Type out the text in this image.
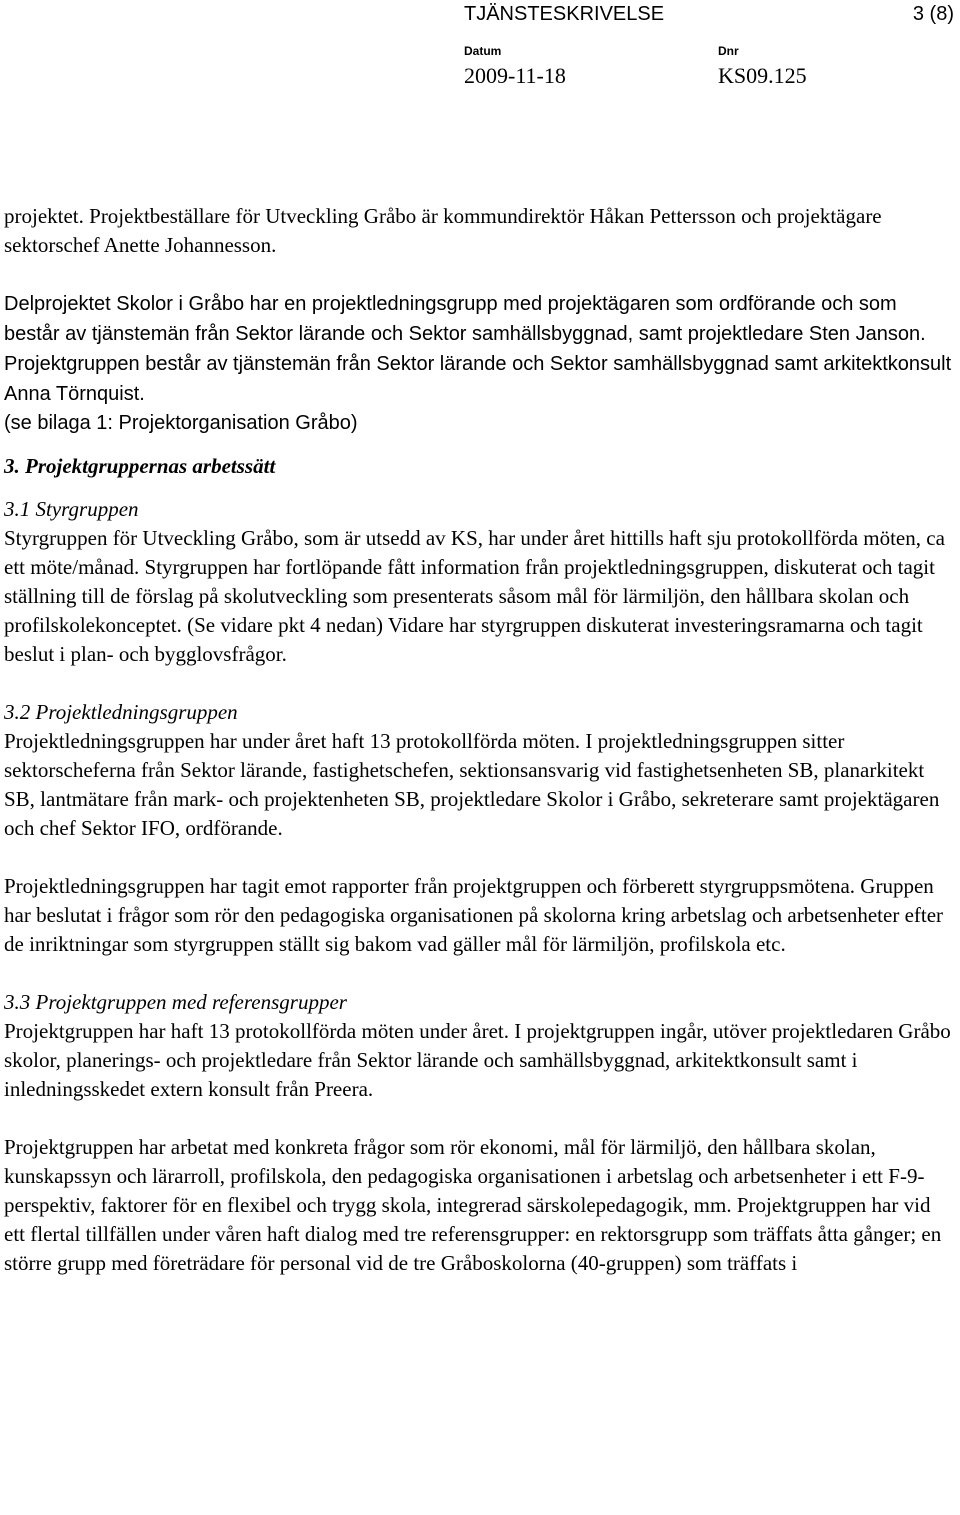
TJÄNSTESKRIVELSE	3 (8)
Datum
2009-11-18
Dnr
KS09.125

projektet. Projektbeställare för Utveckling Gråbo är kommundirektör Håkan Pettersson och projektägare sektorschef Anette Johannesson.

Delprojektet Skolor i Gråbo har en projektledningsgrupp med projektägaren som ordförande och som består av tjänstemän från Sektor lärande och Sektor samhällsbyggnad, samt projektledare Sten Janson. Projektgruppen består av tjänstemän från Sektor lärande och Sektor samhällsbyggnad samt arkitektkonsult Anna Törnquist.

(se bilaga 1: Projektorganisation Gråbo)

3. Projektgruppernas arbetssätt

3.1 Styrgruppen

Styrgruppen för Utveckling Gråbo, som är utsedd av KS, har under året hittills haft sju protokollförda möten, ca ett möte/månad. Styrgruppen har fortlöpande fått information från projektledningsgruppen, diskuterat och tagit ställning till de förslag på skolutveckling som presenterats såsom mål för lärmiljön, den hållbara skolan och profilskolekonceptet. (Se vidare pkt 4 nedan) Vidare har styrgruppen diskuterat investeringsramarna och tagit beslut i plan- och bygglovsfrågor.

3.2 Projektledningsgruppen

Projektledningsgruppen har under året haft 13 protokollförda möten. I projektledningsgruppen sitter sektorscheferna från Sektor lärande, fastighetschefen, sektionsansvarig vid fastighetsenheten SB, planarkitekt SB, lantmätare från mark- och projektenheten SB, projektledare Skolor i Gråbo, sekreterare samt projektägaren och chef Sektor IFO, ordförande.

Projektledningsgruppen har tagit emot rapporter från projektgruppen och förberett styrgruppsmötena. Gruppen har beslutat i frågor som rör den pedagogiska organisationen på skolorna kring arbetslag och arbetsenheter efter de inriktningar som styrgruppen ställt sig bakom vad gäller mål för lärmiljön, profilskola etc.

3.3 Projektgruppen med referensgrupper

Projektgruppen har haft 13 protokollförda möten under året. I projektgruppen ingår, utöver projektledaren Gråbo skolor, planerings- och projektledare från Sektor lärande och samhällsbyggnad, arkitektkonsult samt i inledningsskedet extern konsult från Preera.

Projektgruppen har arbetat med konkreta frågor som rör ekonomi, mål för lärmiljö, den hållbara skolan, kunskapssyn och lärarroll, profilskola, den pedagogiska organisationen i arbetslag och arbetsenheter i ett F-9-perspektiv, faktorer för en flexibel och trygg skola, integrerad särskolepedagogik, mm. Projektgruppen har vid ett flertal tillfällen under våren haft dialog med tre referensgrupper: en rektorsgrupp som träffats åtta gånger; en större grupp med företrädare för personal vid de tre Gråboskolorna (40-gruppen) som träffats i
